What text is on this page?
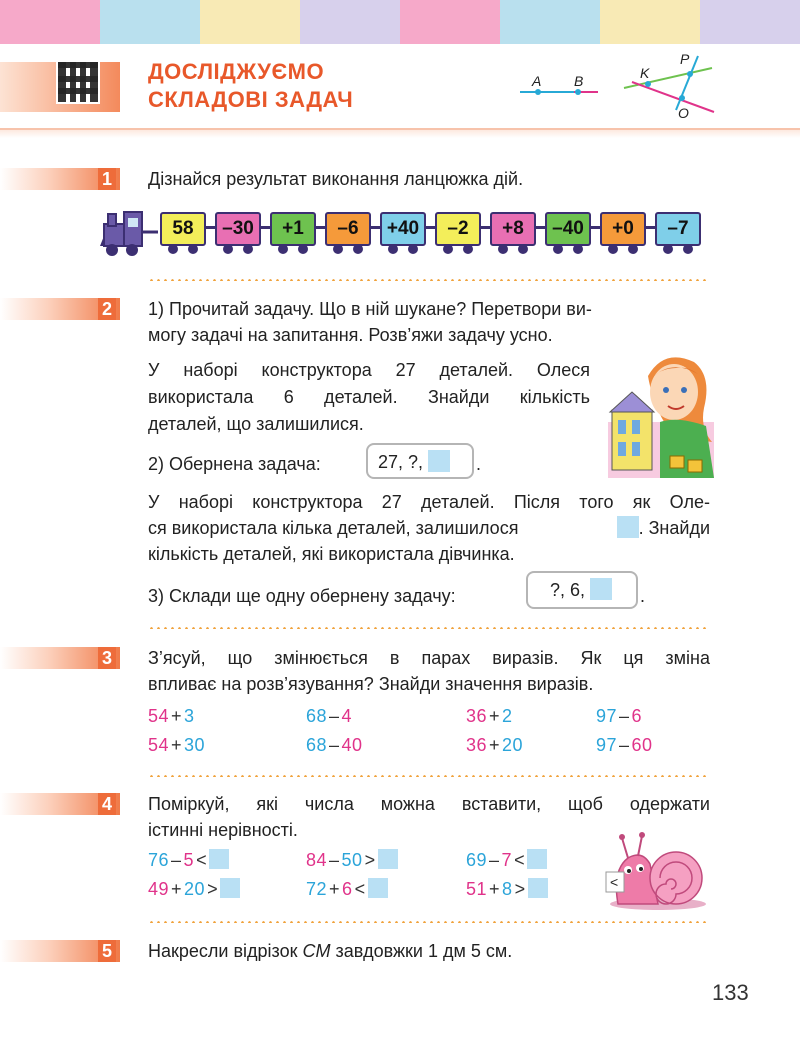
ДОСЛІДЖУЄМО
СКЛАДОВІ ЗАДАЧ
A B	K
P
O
1 Дізнайся результат виконання ланцюжка дій.
58	–30	+1	–6	+40	–2	+8	–40	+0	–7
2 1) Прочитай задачу. Що в ній шукане? Перетвори ви-
могу задачі на запитання. Розв’яжи задачу усно.
У наборі конструктора 27 деталей. Олеся
використала 6 деталей. Знайди кількість
деталей, що залишилися.
2) Обернена задача:	27, ?,	.
У наборі конструктора 27 деталей. Після того як Оле-
ся використала кілька деталей, залишилося	. Знайди
кількість деталей, які використала дівчинка.
3) Склади ще одну обернену задачу:	?, 6,	.
3 З’ясуй, що змінюється в парах виразів. Як ця зміна
впливає на розв’язування? Знайди значення виразів.
54 + 3	68 – 4	36 + 2	97 – 6
54 + 30	68 – 40	36 + 20	97 – 60
4 Поміркуй, які числа можна вставити, щоб одержати
істинні нерівності.
76 – 5 <	84 – 50 >	69 – 7 <
49 + 20 >	72 + 6 <	51 + 8 >	<
5 Накресли відрізок CM завдовжки 1 дм 5 см.
133
